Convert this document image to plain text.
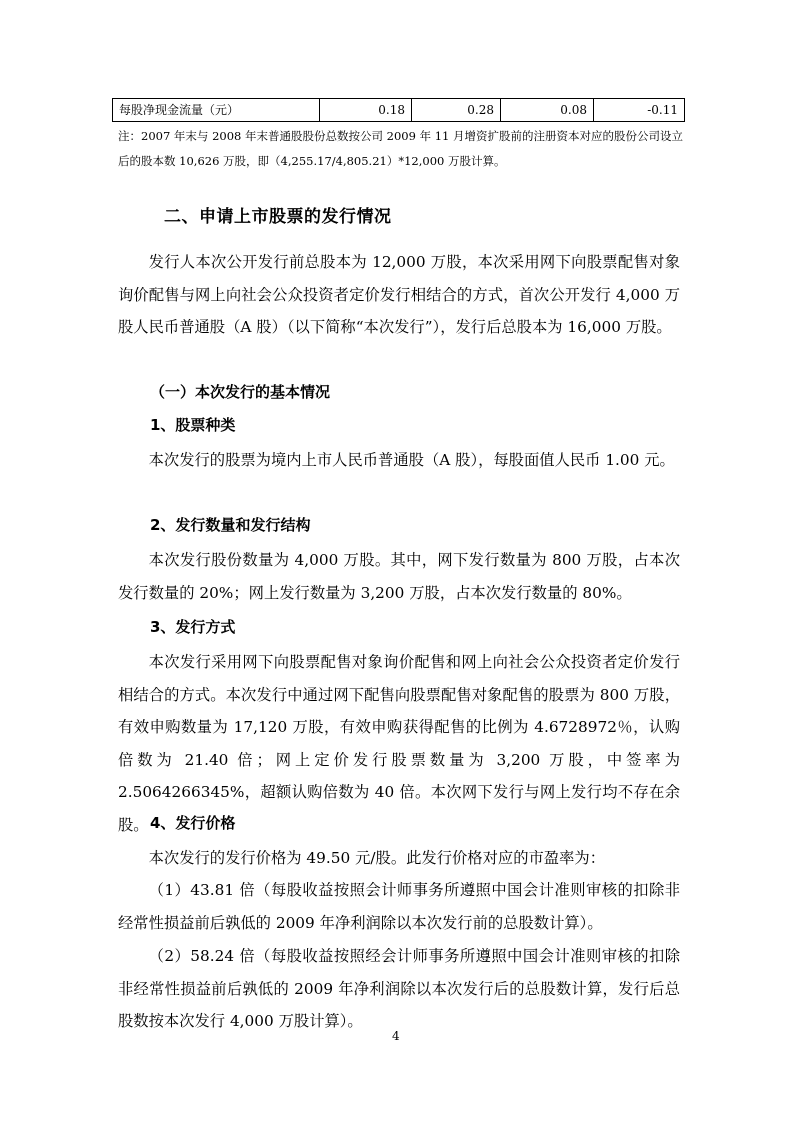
每股净现金流量（元）	0.18	0.28	0.08	-0.11
注：2007 年末与 2008 年末普通股股份总数按公司 2009 年 11 月增资扩股前的注册资本对应的股份公司设立
后的股本数 10,626 万股，即（4,255.17/4,805.21）*12,000 万股计算。
二、申请上市股票的发行情况

发行人本次公开发行前总股本为 12,000 万股，本次采用网下向股票配售对象询价配售与网上向社会公众投资者定价发行相结合的方式，首次公开发行 4,000 万股人民币普通股（A 股）（以下简称“本次发行”），发行后总股本为 16,000 万股。

（一）本次发行的基本情况

1、股票种类

本次发行的股票为境内上市人民币普通股（A 股），每股面值人民币 1.00 元。

2、发行数量和发行结构

本次发行股份数量为 4,000 万股。其中，网下发行数量为 800 万股，占本次发行数量的 20%；网上发行数量为 3,200 万股，占本次发行数量的 80%。

3、发行方式

本次发行采用网下向股票配售对象询价配售和网上向社会公众投资者定价发行相结合的方式。本次发行中通过网下配售向股票配售对象配售的股票为 800 万股，有效申购数量为 17,120 万股，有效申购获得配售的比例为 4.6728972％，认购倍数为 21.40 倍；网上定价发行股票数量为 3,200 万股，中签率为 2.5064266345%，超额认购倍数为 40 倍。本次网下发行与网上发行均不存在余股。 4、发行价格

本次发行的发行价格为 49.50 元/股。此发行价格对应的市盈率为：

（1）43.81 倍（每股收益按照会计师事务所遵照中国会计准则审核的扣除非经常性损益前后孰低的 2009 年净利润除以本次发行前的总股数计算）。

（2）58.24 倍（每股收益按照经会计师事务所遵照中国会计准则审核的扣除非经常性损益前后孰低的 2009 年净利润除以本次发行后的总股数计算，发行后总股数按本次发行 4,000 万股计算）。

4
